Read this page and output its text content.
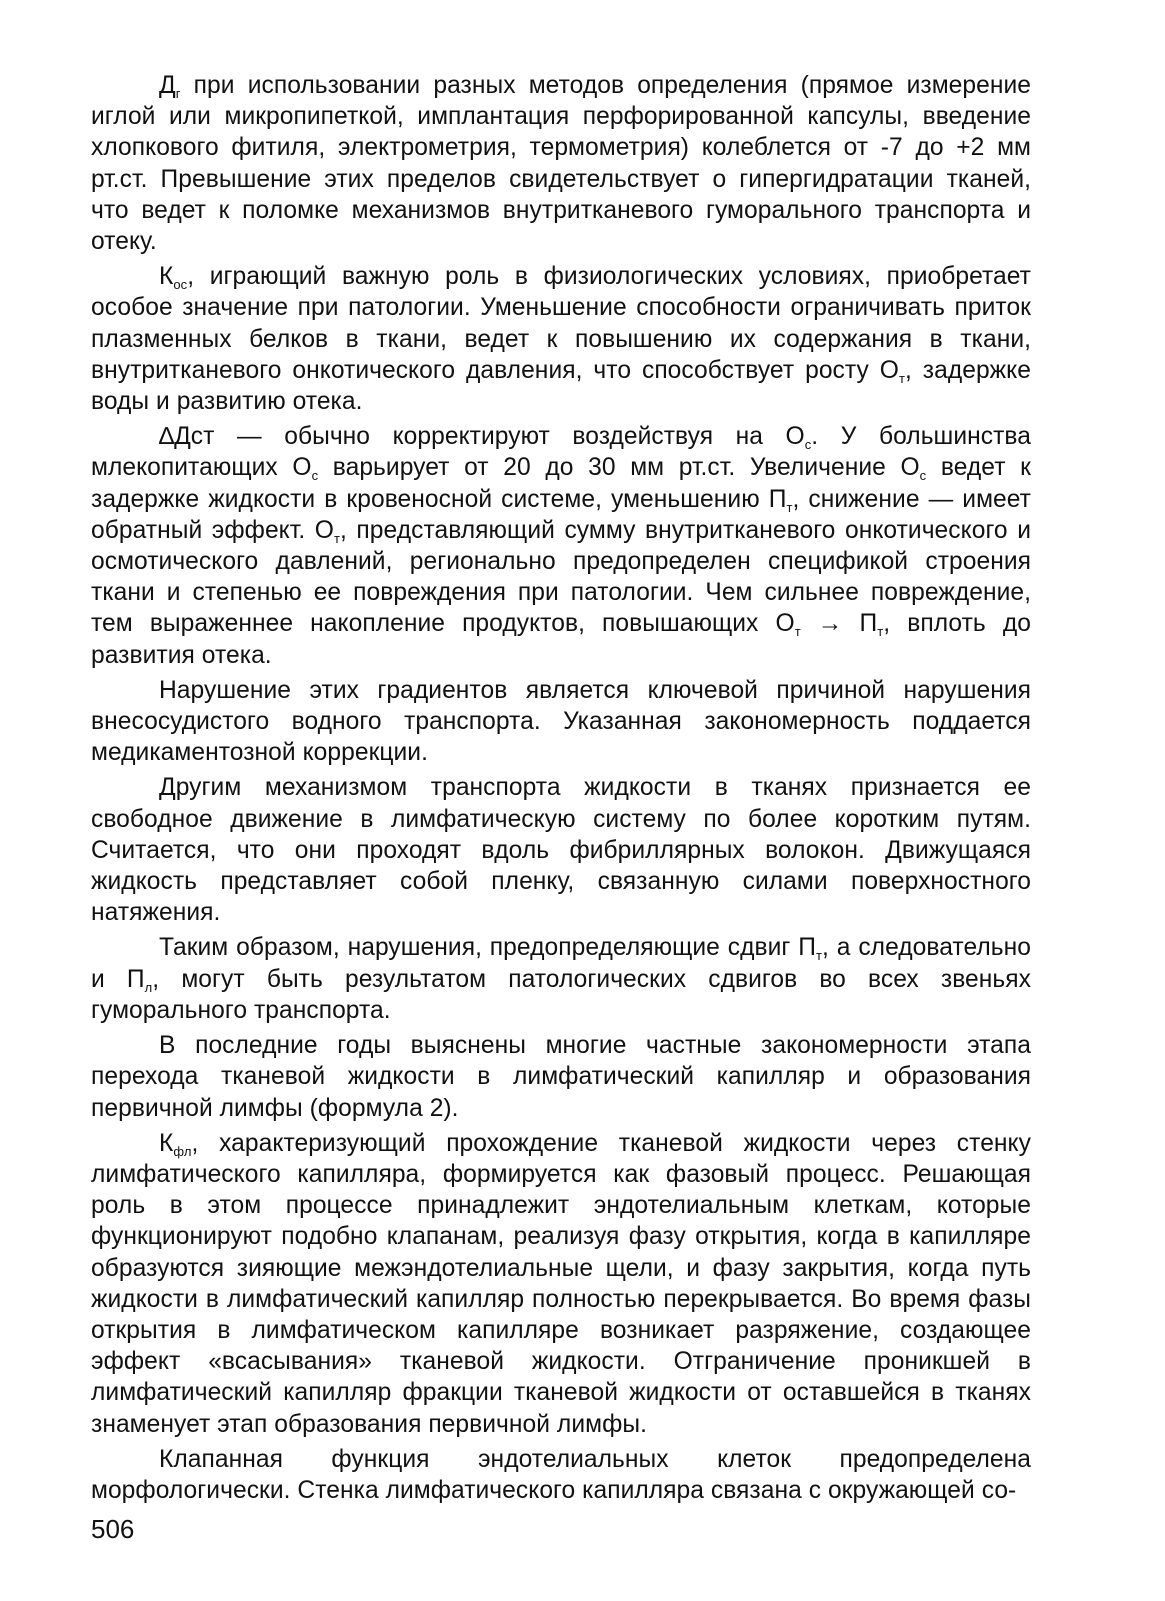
$Д_г$ при использовании разных методов определения (прямое измерение иглой или микропипеткой, имплантация перфорированной капсулы, введение хлопкового фитиля, электрометрия, термометрия) колеблется от -7 до +2 мм рт.ст. Превышение этих пределов свидетельствует о гипергидратации тканей, что ведет к поломке механизмов внутритканевого гуморального транспорта и отеку.

$К_{ос}$, играющий важную роль в физиологических условиях, приобретает особое значение при патологии. Уменьшение способности ограничивать приток плазменных белков в ткани, ведет к повышению их содержания в ткани, внутритканевого онкотического давления, что способствует росту $О_т$, задержке воды и развитию отека.

∆Дст — обычно корректируют воздействуя на $О_с$. У большинства млекопитающих $О_с$ варьирует от 20 до 30 мм рт.ст. Увеличение $О_с$ ведет к задержке жидкости в кровеносной системе, уменьшению $П_т$, снижение — имеет обратный эффект. $О_т$, представляющий сумму внутритканевого онкотического и осмотического давлений, регионально предопределен спецификой строения ткани и степенью ее повреждения при патологии. Чем сильнее повреждение, тем выраженнее накопление продуктов, повышающих $О_т \to П_т$, вплоть до развития отека.

Нарушение этих градиентов является ключевой причиной нарушения внесосудистого водного транспорта. Указанная закономерность поддается медикаментозной коррекции.

Другим механизмом транспорта жидкости в тканях признается ее свободное движение в лимфатическую систему по более коротким путям. Считается, что они проходят вдоль фибриллярных волокон. Движущаяся жидкость представляет собой пленку, связанную силами поверхностного натяжения.

Таким образом, нарушения, предопределяющие сдвиг $П_т$, а следовательно и $П_л$, могут быть результатом патологических сдвигов во всех звеньях гуморального транспорта.

В последние годы выяснены многие частные закономерности этапа перехода тканевой жидкости в лимфатический капилляр и образования первичной лимфы (формула 2).

$К_{фл}$, характеризующий прохождение тканевой жидкости через стенку лимфатического капилляра, формируется как фазовый процесс. Решающая роль в этом процессе принадлежит эндотелиальным клеткам, которые функционируют подобно клапанам, реализуя фазу открытия, когда в капилляре образуются зияющие межэндотелиальные щели, и фазу закрытия, когда путь жидкости в лимфатический капилляр полностью перекрывается. Во время фазы открытия в лимфатическом капилляре возникает разряжение, создающее эффект «всасывания» тканевой жидкости. Отграничение проникшей в лимфатический капилляр фракции тканевой жидкости от оставшейся в тканях знаменует этап образования первичной лимфы.

Клапанная функция эндотелиальных клеток предопределена морфологически. Стенка лимфатического капилляра связана с окружающей со-

506
